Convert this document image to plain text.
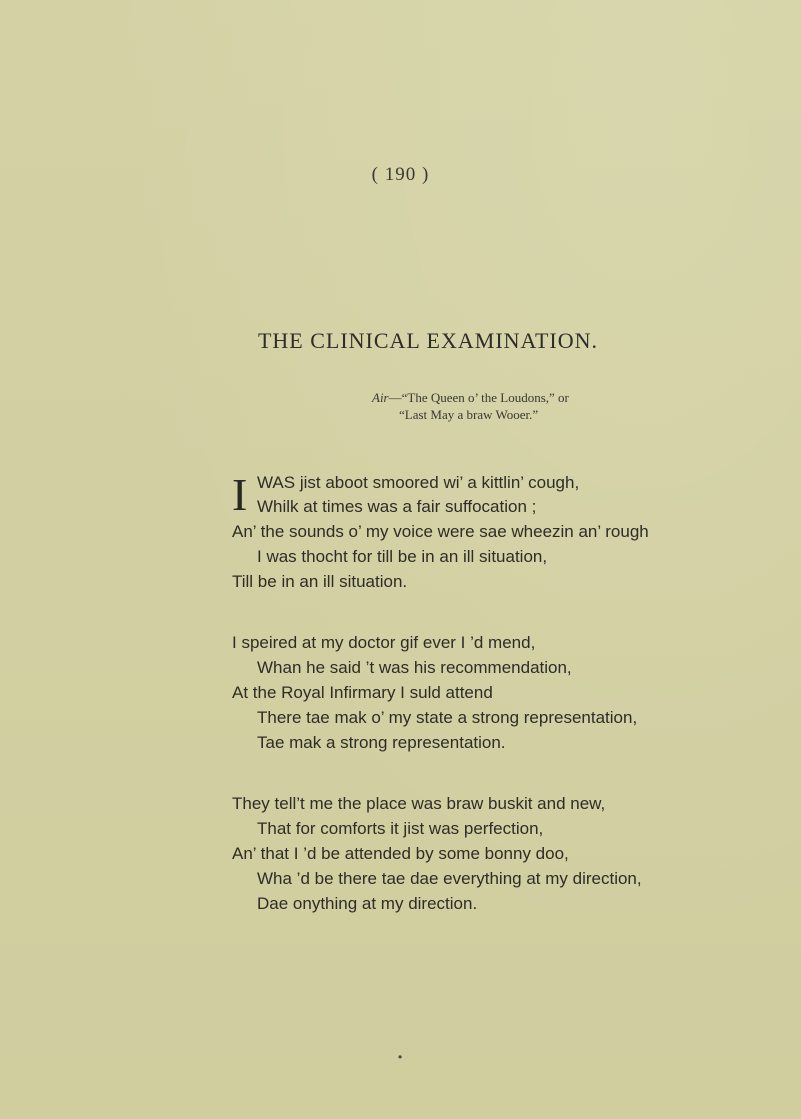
( 190 )
THE CLINICAL EXAMINATION.
Air—“The Queen o’ the Loudons,” or
“Last May a braw Wooer.”
I WAS jist aboot smoored wi’ a kittlin’ cough,
Whilk at times was a fair suffocation ;
An’ the sounds o’ my voice were sae wheezin an’ rough
I was thocht for till be in an ill situation,
Till be in an ill situation.
I speired at my doctor gif ever I ’d mend,
Whan he said ’t was his recommendation,
At the Royal Infirmary I suld attend
There tae mak o’ my state a strong representation,
Tae mak a strong representation.
They tell’t me the place was braw buskit and new,
That for comforts it jist was perfection,
An’ that I ’d be attended by some bonny doo,
Wha ’d be there tae dae everything at my direction,
Dae onything at my direction.
•
